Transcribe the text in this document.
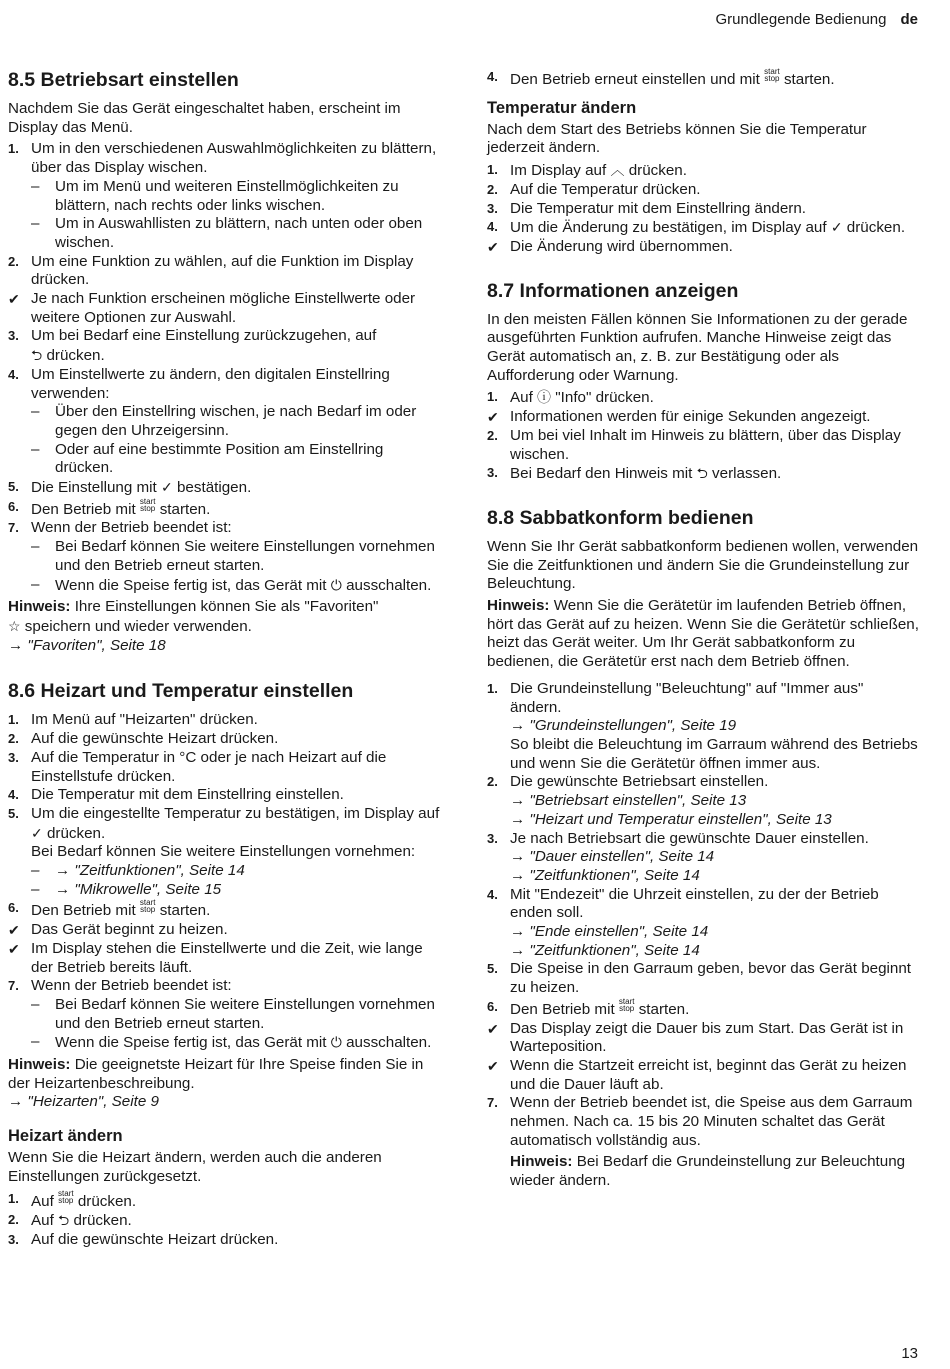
Grundlegende Bedienung de
8.5 Betriebsart einstellen

Nachdem Sie das Gerät eingeschaltet haben, erscheint im Display das Menü.

1. Um in den verschiedenen Auswahlmöglichkeiten zu blättern, über das Display wischen.
– Um im Menü und weiteren Einstellmöglichkeiten zu blättern, nach rechts oder links wischen.
– Um in Auswahllisten zu blättern, nach unten oder oben wischen.
2. Um eine Funktion zu wählen, auf die Funktion im Display drücken.
✔ Je nach Funktion erscheinen mögliche Einstellwerte oder weitere Optionen zur Auswahl.
3. Um bei Bedarf eine Einstellung zurückzugehen, auf
⮌ drücken.
4. Um Einstellwerte zu ändern, den digitalen Einstellring verwenden:
– Über den Einstellring wischen, je nach Bedarf im oder gegen den Uhrzeigersinn.
– Oder auf eine bestimmte Position am Einstellring drücken.
5. Die Einstellung mit ✓ bestätigen.
6. Den Betrieb mit start
stop starten.
7. Wenn der Betrieb beendet ist:
– Bei Bedarf können Sie weitere Einstellungen vornehmen und den Betrieb erneut starten.
– Wenn die Speise fertig ist, das Gerät mit ⏻ ausschalten.

Hinweis: Ihre Einstellungen können Sie als "Favoriten"
☆ speichern und wieder verwenden.

→ "Favoriten", Seite 18

8.6 Heizart und Temperatur einstellen
1. Im Menü auf "Heizarten" drücken.
2. Auf die gewünschte Heizart drücken.
3. Auf die Temperatur in °C oder je nach Heizart auf die Einstellstufe drücken.
4. Die Temperatur mit dem Einstellring einstellen.
5. Um die eingestellte Temperatur zu bestätigen, im Display auf ✓ drücken.
Bei Bedarf können Sie weitere Einstellungen vornehmen:
– → "Zeitfunktionen", Seite 14
– → "Mikrowelle", Seite 15
6. Den Betrieb mit start
stop starten.
✔ Das Gerät beginnt zu heizen.
✔ Im Display stehen die Einstellwerte und die Zeit, wie lange der Betrieb bereits läuft.
7. Wenn der Betrieb beendet ist:
– Bei Bedarf können Sie weitere Einstellungen vornehmen und den Betrieb erneut starten.
– Wenn die Speise fertig ist, das Gerät mit ⏻ ausschalten.

Hinweis: Die geeignetste Heizart für Ihre Speise finden Sie in der Heizartenbeschreibung.

→ "Heizarten", Seite 9

Heizart ändern

Wenn Sie die Heizart ändern, werden auch die anderen Einstellungen zurückgesetzt.

1. Auf start
stop drücken.
2. Auf ⮌ drücken.
3. Auf die gewünschte Heizart drücken.
4. Den Betrieb erneut einstellen und mit start
stop starten.
Temperatur ändern

Nach dem Start des Betriebs können Sie die Temperatur jederzeit ändern.

1. Im Display auf ︿ drücken.
2. Auf die Temperatur drücken.
3. Die Temperatur mit dem Einstellring ändern.
4. Um die Änderung zu bestätigen, im Display auf ✓ drücken.
✔ Die Änderung wird übernommen.
8.7 Informationen anzeigen

In den meisten Fällen können Sie Informationen zu der gerade ausgeführten Funktion aufrufen. Manche Hinweise zeigt das Gerät automatisch an, z. B. zur Bestätigung oder als Aufforderung oder Warnung.

1. Auf ⓘ "Info" drücken.
✔ Informationen werden für einige Sekunden angezeigt.
2. Um bei viel Inhalt im Hinweis zu blättern, über das Display wischen.
3. Bei Bedarf den Hinweis mit ⮌ verlassen.
8.8 Sabbatkonform bedienen

Wenn Sie Ihr Gerät sabbatkonform bedienen wollen, verwenden Sie die Zeitfunktionen und ändern Sie die Grundeinstellung zur Beleuchtung.

Hinweis: Wenn Sie die Gerätetür im laufenden Betrieb öffnen, hört das Gerät auf zu heizen. Wenn Sie die Gerätetür schließen, heizt das Gerät weiter. Um Ihr Gerät sabbatkonform zu bedienen, die Gerätetür erst nach dem Betrieb öffnen.

1. Die Grundeinstellung "Beleuchtung" auf "Immer aus" ändern.
→ "Grundeinstellungen", Seite 19
So bleibt die Beleuchtung im Garraum während des Betriebs und wenn Sie die Gerätetür öffnen immer aus.
2. Die gewünschte Betriebsart einstellen.
→ "Betriebsart einstellen", Seite 13
→ "Heizart und Temperatur einstellen", Seite 13
3. Je nach Betriebsart die gewünschte Dauer einstellen.
→ "Dauer einstellen", Seite 14
→ "Zeitfunktionen", Seite 14
4. Mit "Endezeit" die Uhrzeit einstellen, zu der der Betrieb enden soll.
→ "Ende einstellen", Seite 14
→ "Zeitfunktionen", Seite 14
5. Die Speise in den Garraum geben, bevor das Gerät beginnt zu heizen.
6. Den Betrieb mit start
stop starten.
✔ Das Display zeigt die Dauer bis zum Start. Das Gerät ist in Warteposition.
✔ Wenn die Startzeit erreicht ist, beginnt das Gerät zu heizen und die Dauer läuft ab.
7. Wenn der Betrieb beendet ist, die Speise aus dem Garraum nehmen. Nach ca. 15 bis 20 Minuten schaltet das Gerät automatisch vollständig aus.
Hinweis: Bei Bedarf die Grundeinstellung zur Beleuchtung wieder ändern.
13
